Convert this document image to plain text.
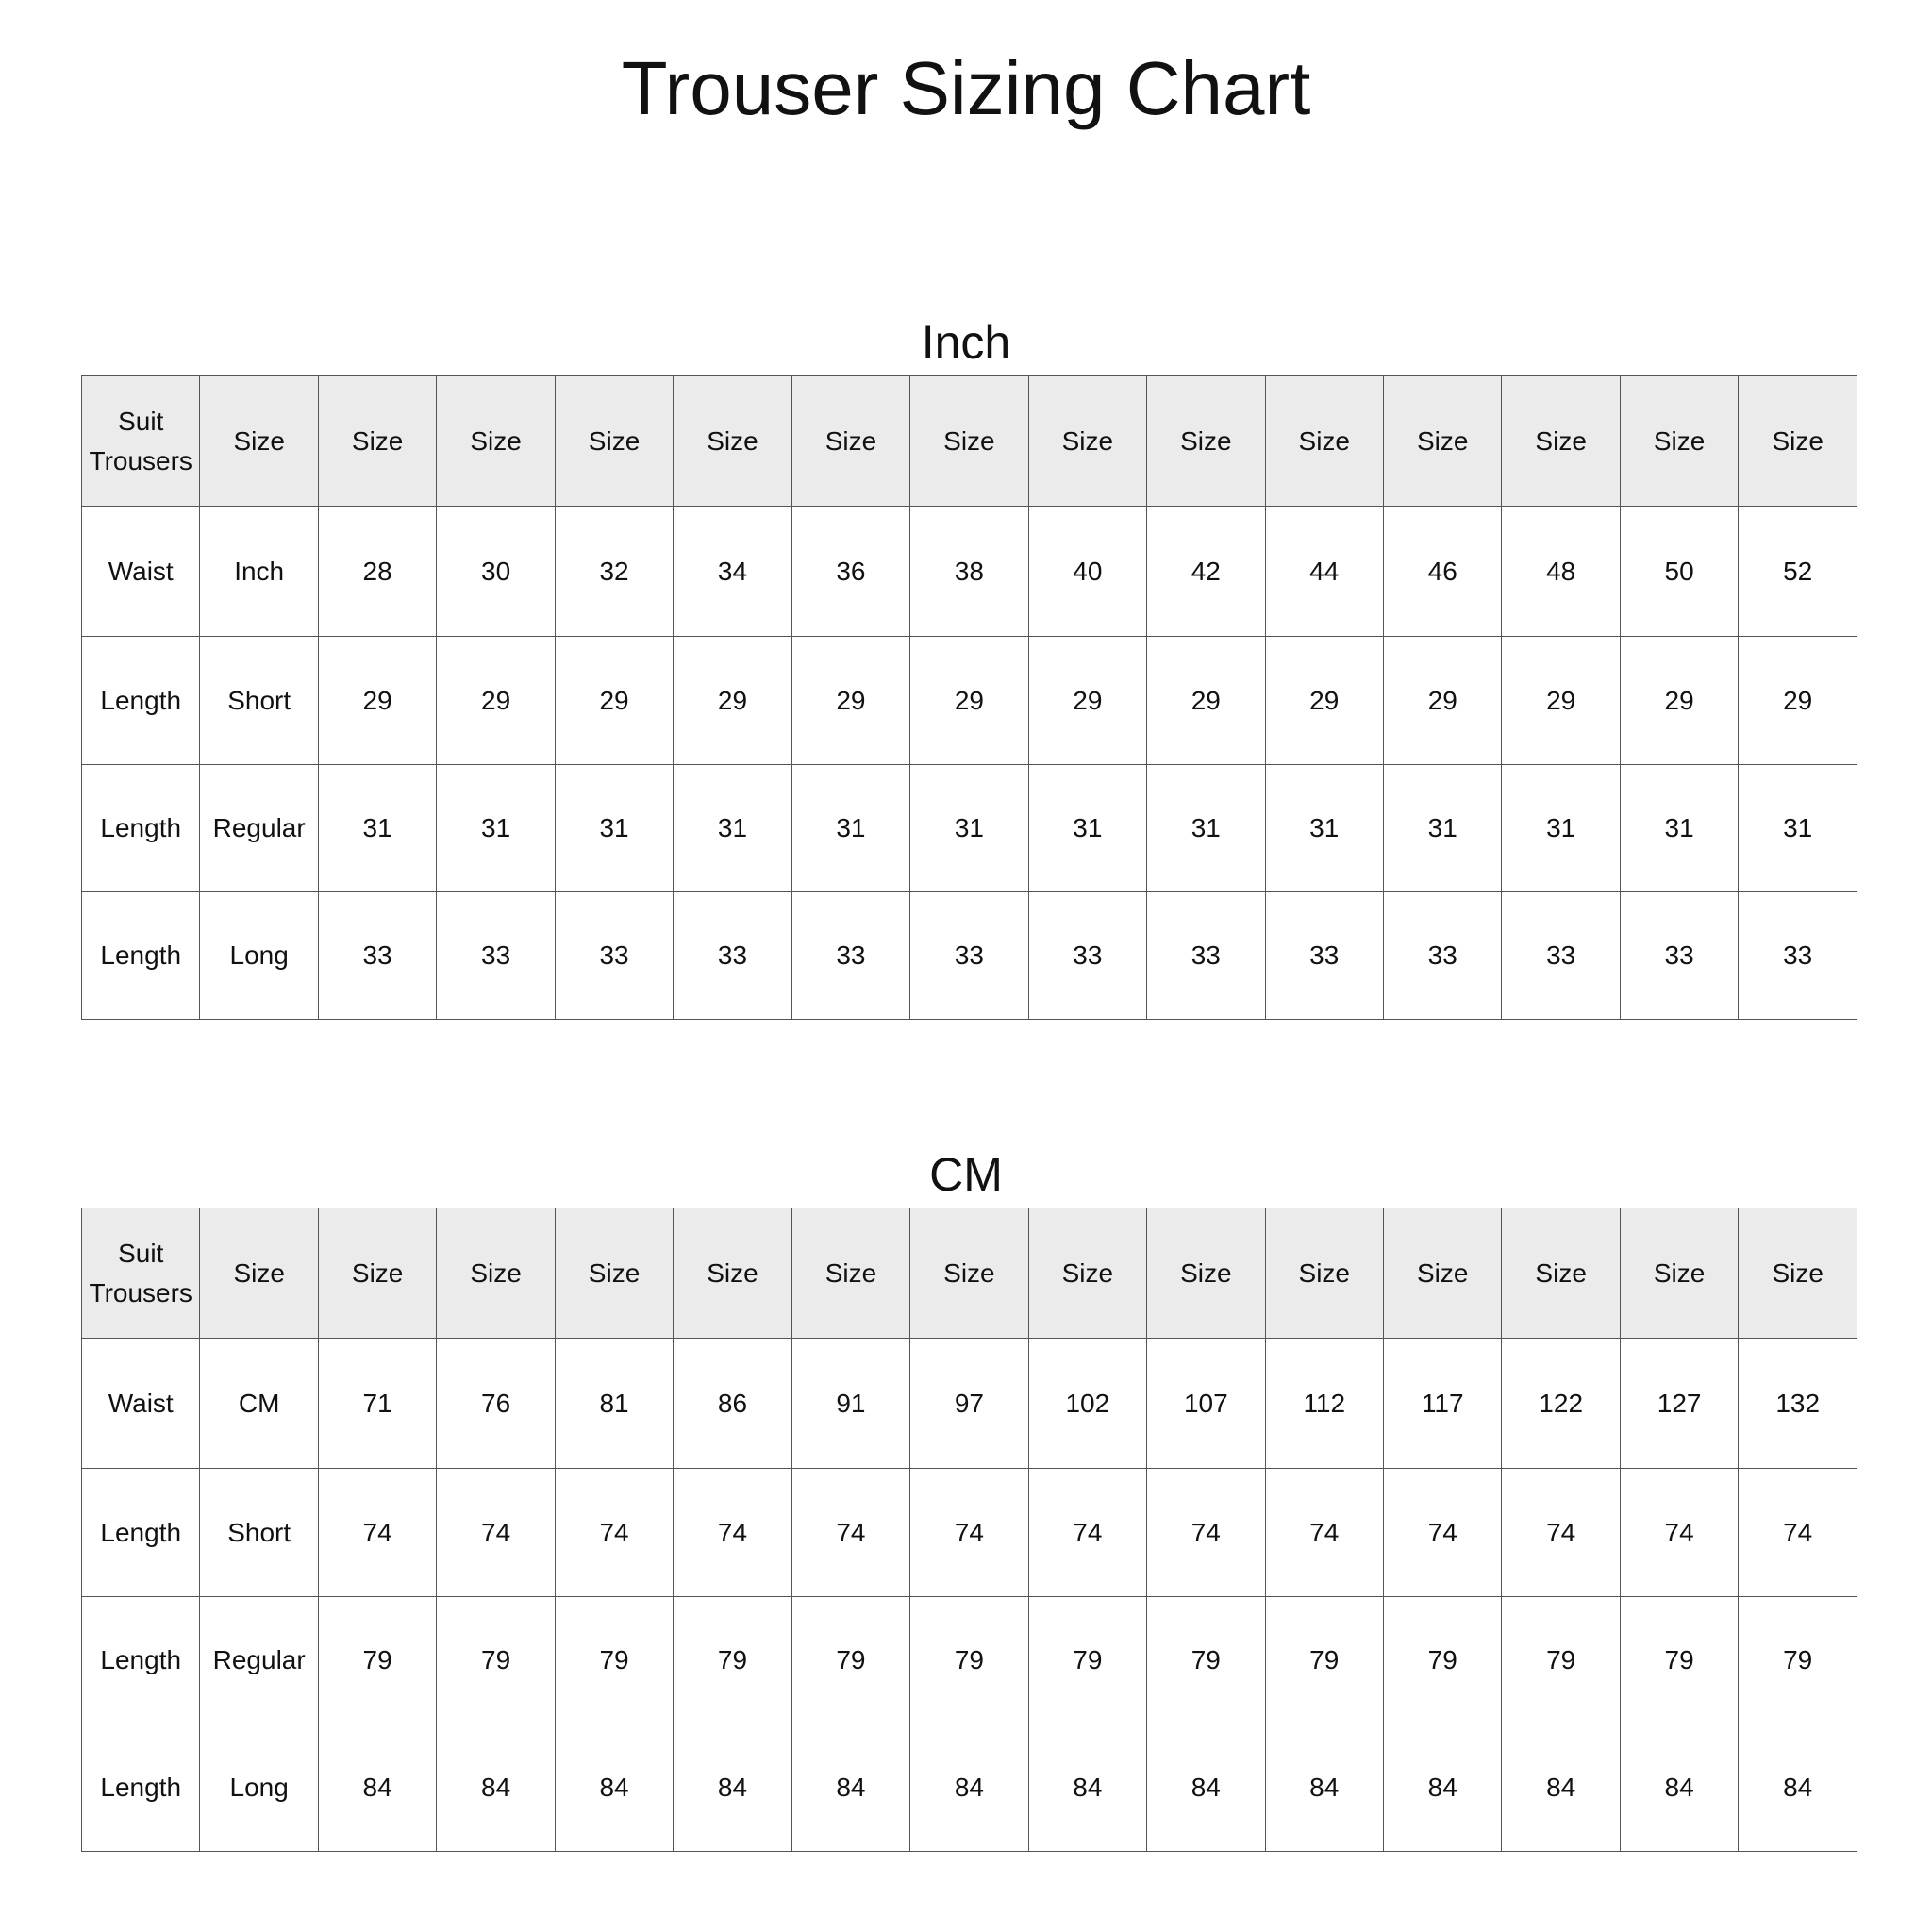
Trouser Sizing Chart
Inch
Suit
Trousers	Size	Size	Size	Size	Size	Size	Size	Size	Size	Size	Size	Size	Size	Size
Waist	Inch	28	30	32	34	36	38	40	42	44	46	48	50	52
Length	Short	29	29	29	29	29	29	29	29	29	29	29	29	29
Length	Regular	31	31	31	31	31	31	31	31	31	31	31	31	31
Length	Long	33	33	33	33	33	33	33	33	33	33	33	33	33
CM
Suit
Trousers	Size	Size	Size	Size	Size	Size	Size	Size	Size	Size	Size	Size	Size	Size
Waist	CM	71	76	81	86	91	97	102	107	112	117	122	127	132
Length	Short	74	74	74	74	74	74	74	74	74	74	74	74	74
Length	Regular	79	79	79	79	79	79	79	79	79	79	79	79	79
Length	Long	84	84	84	84	84	84	84	84	84	84	84	84	84
